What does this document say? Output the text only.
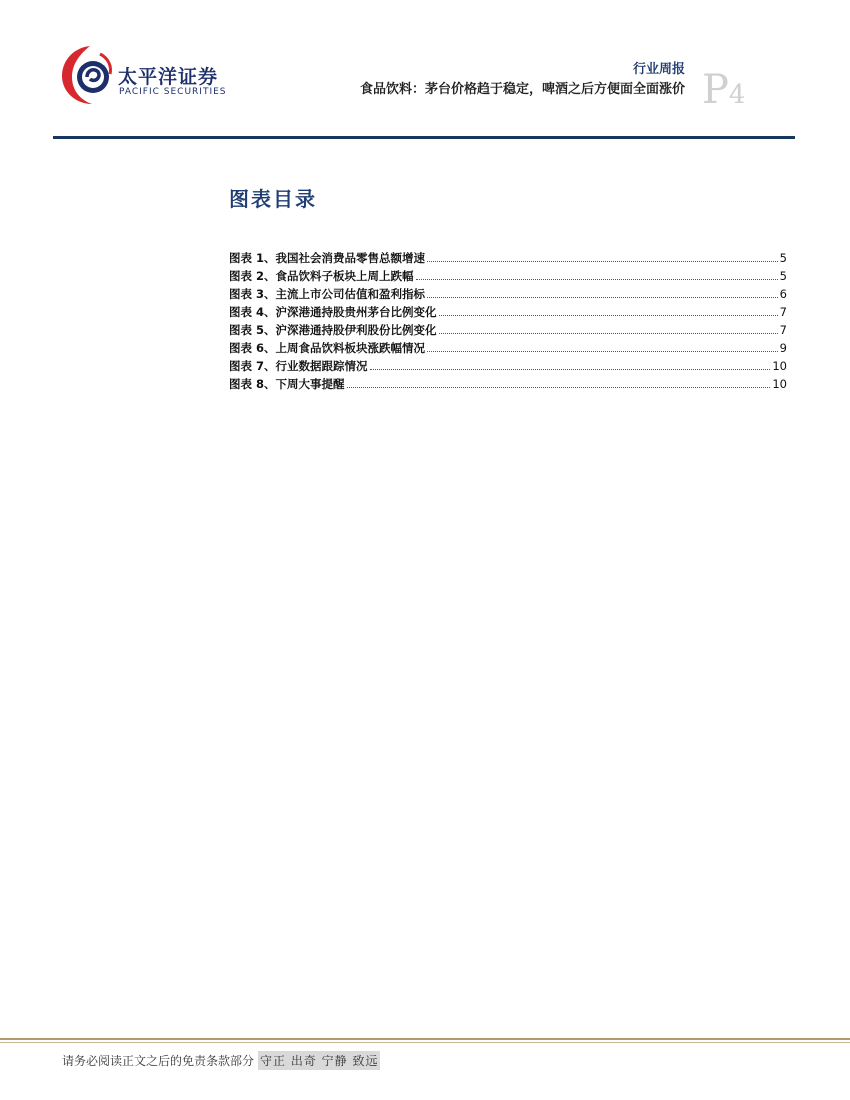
太平洋证券
PACIFIC SECURITIES
行业周报
食品饮料：茅台价格趋于稳定，啤酒之后方便面全面涨价 P4
图表目录
图表 1、我国社会消费品零售总额增速	5
图表 2、食品饮料子板块上周上跌幅	5
图表 3、主流上市公司估值和盈利指标	6
图表 4、沪深港通持股贵州茅台比例变化	7
图表 5、沪深港通持股伊利股份比例变化	7
图表 6、上周食品饮料板块涨跌幅情况	9
图表 7、行业数据跟踪情况	10
图表 8、下周大事提醒	10
请务必阅读正文之后的免责条款部分 守正 出奇 宁静 致远
